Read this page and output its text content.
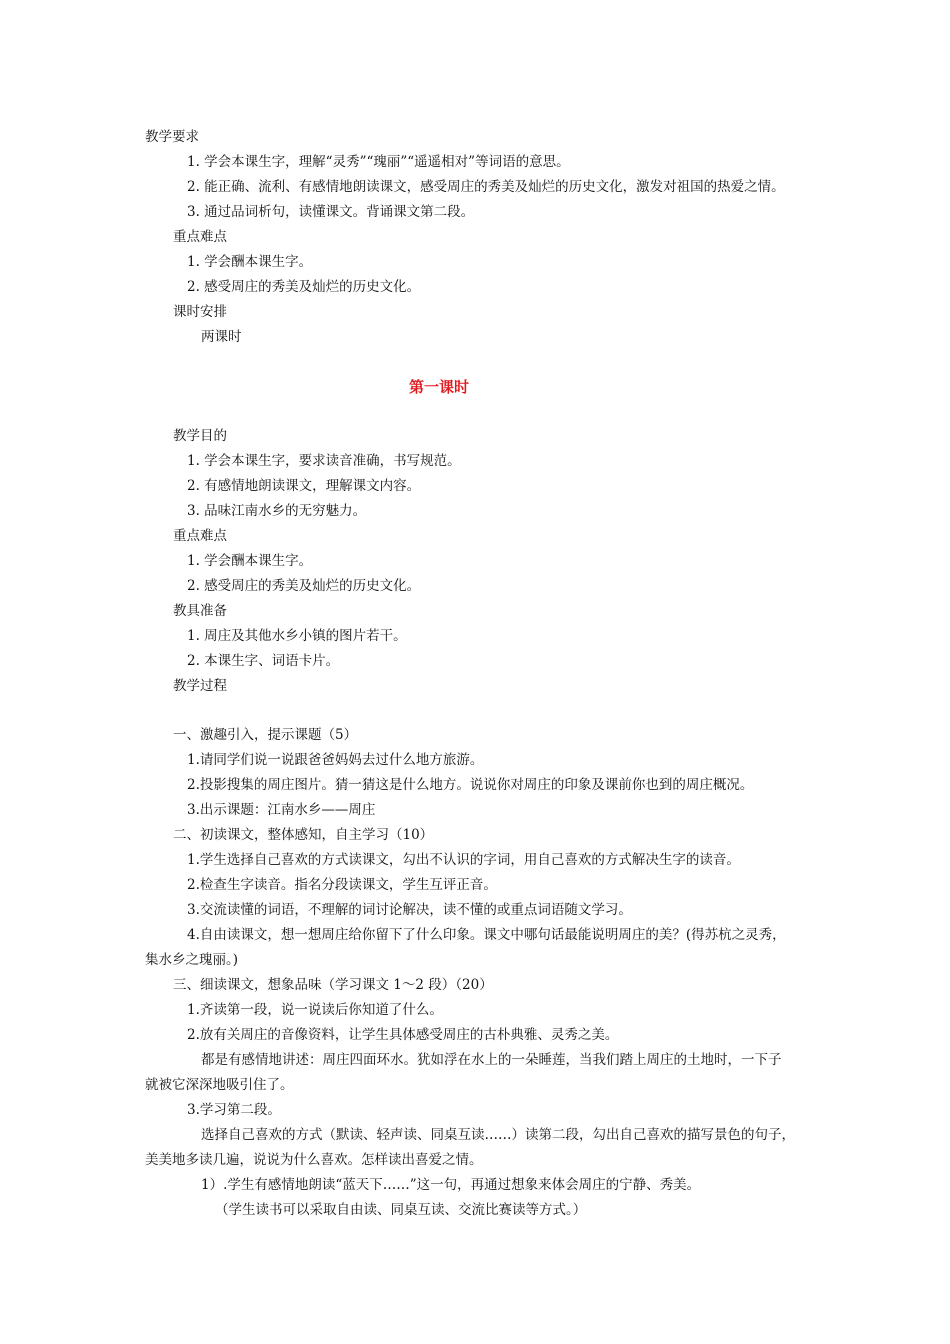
教学要求
1. 学会本课生字，理解“灵秀”“瑰丽”“遥遥相对”等词语的意思。
2. 能正确、流利、有感情地朗读课文，感受周庄的秀美及灿烂的历史文化，激发对祖国的热爱之情。
3. 通过品词析句，读懂课文。背诵课文第二段。
重点难点
1. 学会酬本课生字。
2. 感受周庄的秀美及灿烂的历史文化。
课时安排
两课时
第一课时
教学目的
1. 学会本课生字，要求读音准确，书写规范。
2. 有感情地朗读课文，理解课文内容。
3. 品味江南水乡的无穷魅力。
重点难点
1. 学会酬本课生字。
2. 感受周庄的秀美及灿烂的历史文化。
教具准备
1. 周庄及其他水乡小镇的图片若干。
2. 本课生字、词语卡片。
教学过程
一、激趣引入，提示课题（5）
1.请同学们说一说跟爸爸妈妈去过什么地方旅游。
2.投影搜集的周庄图片。猜一猜这是什么地方。说说你对周庄的印象及课前你也到的周庄概况。
3.出示课题：江南水乡——周庄
二、初读课文，整体感知，自主学习（10）
1.学生选择自己喜欢的方式读课文，勾出不认识的字词，用自己喜欢的方式解决生字的读音。
2.检查生字读音。指名分段读课文，学生互评正音。
3.交流读懂的词语，不理解的词讨论解决，读不懂的或重点词语随文学习。
4.自由读课文，想一想周庄给你留下了什么印象。课文中哪句话最能说明周庄的美？(得苏杭之灵秀，
集水乡之瑰丽。)
三、细读课文，想象品味（学习课文 1～2 段）（20）
1.齐读第一段，说一说读后你知道了什么。
2.放有关周庄的音像资料，让学生具体感受周庄的古朴典雅、灵秀之美。
都是有感情地讲述：周庄四面环水。犹如浮在水上的一朵睡莲，当我们踏上周庄的土地时，一下子
就被它深深地吸引住了。
3.学习第二段。
选择自己喜欢的方式（默读、轻声读、同桌互读……）读第二段，勾出自己喜欢的描写景色的句子，
美美地多读几遍，说说为什么喜欢。怎样读出喜爱之情。
1）.学生有感情地朗读“蓝天下……”这一句，再通过想象来体会周庄的宁静、秀美。
（学生读书可以采取自由读、同桌互读、交流比赛读等方式。）
